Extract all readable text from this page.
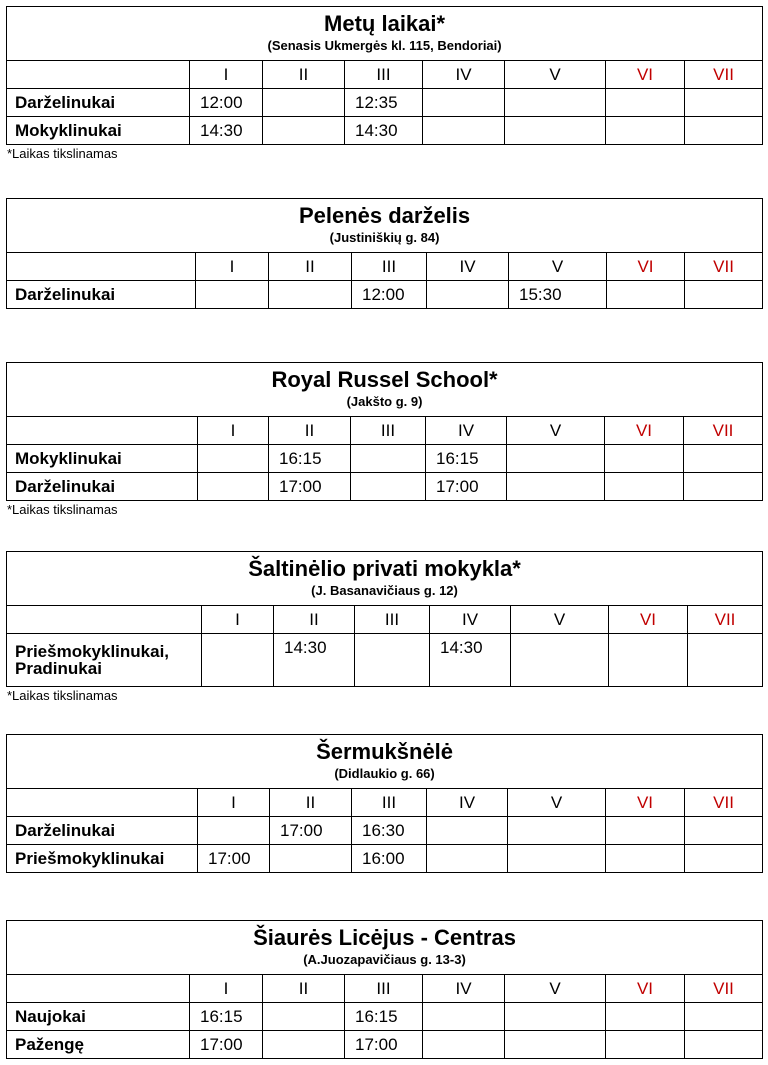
Metų laikai*
(Senasis Ukmergės kl. 115, Bendoriai)							

	I	II	III	IV	V	VI	VII
Darželinukai	12:00		12:35				
Mokyklinukai	14:30		14:30				
*Laikas tikslinamas
Pelenės darželis
(Justiniškių g. 84)							

	I	II	III	IV	V	VI	VII
Darželinukai			12:00		15:30		
Royal Russel School*
(Jakšto g. 9)							

	I	II	III	IV	V	VI	VII
Mokyklinukai		16:15		16:15			
Darželinukai		17:00		17:00			
*Laikas tikslinamas
Šaltinėlio privati mokykla*
(J. Basanavičiaus g. 12)							

	I	II	III	IV	V	VI	VII

Priešmokyklinukai,
Pradinukai		14:30		14:30			
*Laikas tikslinamas
Šermukšnėlė
(Didlaukio g. 66)							

	I	II	III	IV	V	VI	VII
Darželinukai		17:00	16:30				
Priešmokyklinukai	17:00		16:00				
Šiaurės Licėjus - Centras
(A.Juozapavičiaus g. 13-3)							

	I	II	III	IV	V	VI	VII
Naujokai	16:15		16:15				
Pažengę	17:00		17:00				
